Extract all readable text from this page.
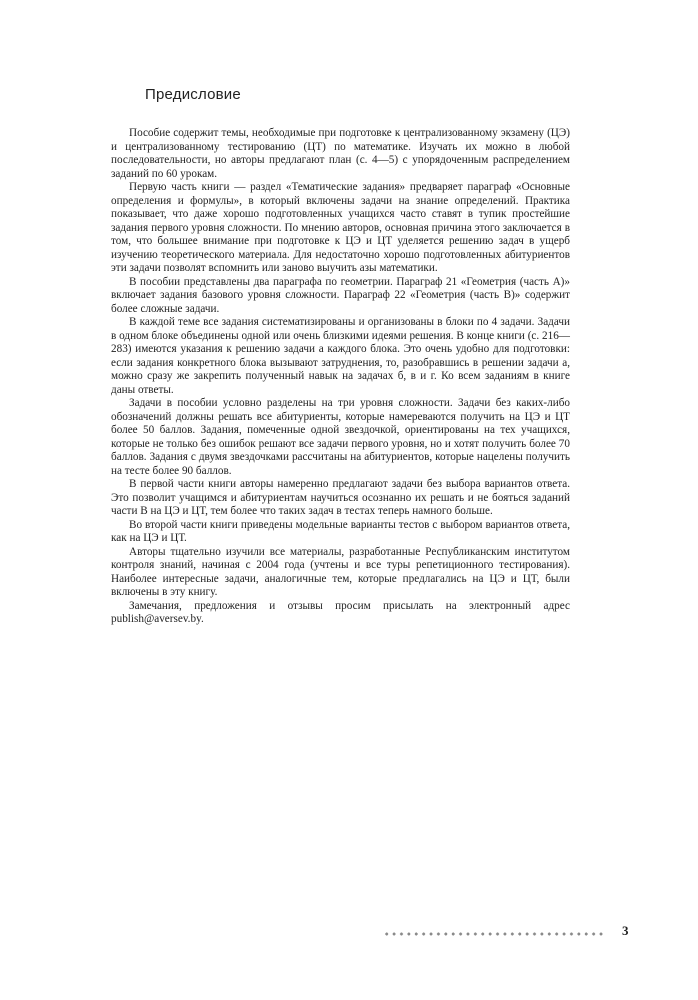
Предисловие

Пособие содержит темы, необходимые при подготовке к централизованному экзамену (ЦЭ) и централизованному тестированию (ЦТ) по математике. Изучать их можно в любой последовательности, но авторы предлагают план (с. 4—5) с упорядоченным распределением заданий по 60 урокам.

Первую часть книги — раздел «Тематические задания» предваряет параграф «Основные определения и формулы», в который включены задачи на знание определений. Практика показывает, что даже хорошо подготовленных учащихся часто ставят в тупик простейшие задания первого уровня сложности. По мнению авторов, основная причина этого заключается в том, что большее внимание при подготовке к ЦЭ и ЦТ уделяется решению задач в ущерб изучению теоретического материала. Для недостаточно хорошо подготовленных абитуриентов эти задачи позволят вспомнить или заново выучить азы математики.

В пособии представлены два параграфа по геометрии. Параграф 21 «Геометрия (часть А)» включает задания базового уровня сложности. Параграф 22 «Геометрия (часть В)» содержит более сложные задачи.

В каждой теме все задания систематизированы и организованы в блоки по 4 задачи. Задачи в одном блоке объединены одной или очень близкими идеями решения. В конце книги (с. 216—283) имеются указания к решению задачи а каждого блока. Это очень удобно для подготовки: если задания конкретного блока вызывают затруднения, то, разобравшись в решении задачи а, можно сразу же закрепить полученный навык на задачах б, в и г. Ко всем заданиям в книге даны ответы.

Задачи в пособии условно разделены на три уровня сложности. Задачи без каких-либо обозначений должны решать все абитуриенты, которые намереваются получить на ЦЭ и ЦТ более 50 баллов. Задания, помеченные одной звездочкой, ориентированы на тех учащихся, которые не только без ошибок решают все задачи первого уровня, но и хотят получить более 70 баллов. Задания с двумя звездочками рассчитаны на абитуриентов, которые нацелены получить на тесте более 90 баллов.

В первой части книги авторы намеренно предлагают задачи без выбора вариантов ответа. Это позволит учащимся и абитуриентам научиться осознанно их решать и не бояться заданий части В на ЦЭ и ЦТ, тем более что таких задач в тестах теперь намного больше.

Во второй части книги приведены модельные варианты тестов с выбором вариантов ответа, как на ЦЭ и ЦТ.

Авторы тщательно изучили все материалы, разработанные Республиканским институтом контроля знаний, начиная с 2004 года (учтены и все туры репетиционного тестирования). Наиболее интересные задачи, аналогичные тем, которые предлагались на ЦЭ и ЦТ, были включены в эту книгу.

Замечания, предложения и отзывы просим присылать на электронный адрес publish@aversev.by.

3
